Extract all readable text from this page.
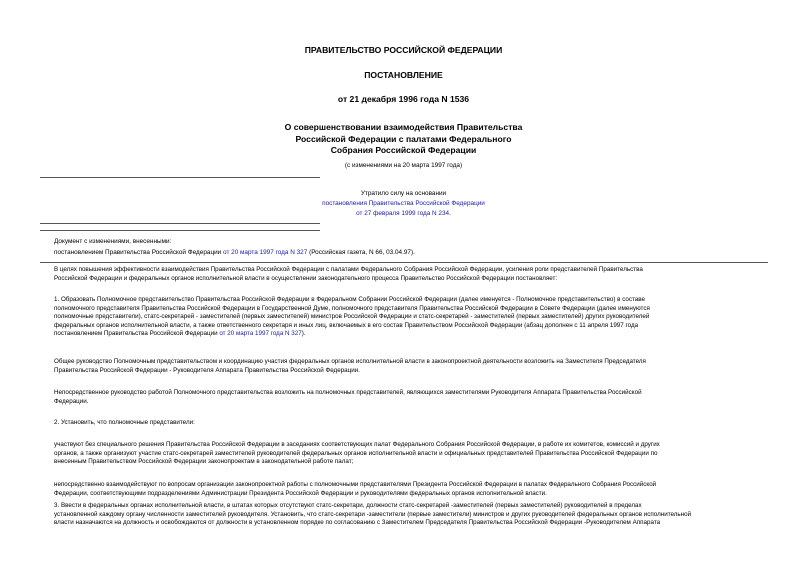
ПРАВИТЕЛЬСТВО РОССИЙСКОЙ ФЕДЕРАЦИИ
ПОСТАНОВЛЕНИЕ
от 21 декабря 1996 года N 1536
О совершенствовании взаимодействия Правительства
Российской Федерации с палатами Федерального
Собрания Российской Федерации
(с изменениями на 20 марта 1997 года)
Утратило силу на основании
постановления Правительства Российской Федерации
от 27 февраля 1999 года N 234.
Документ с изменениями, внесенными:
постановлением Правительства Российской Федерации от 20 марта 1997 года N 327 (Российская газета, N 66, 03.04.97).
В целях повышения эффективности взаимодействия Правительства Российской Федерации с палатами Федерального Собрания Российской Федерации, усиления роли представителей Правительства
Российской Федерации и федеральных органов исполнительной власти в осуществлении законодательного процесса Правительство Российской Федерации постановляет:
1. Образовать Полномочное представительство Правительства Российской Федерации в Федеральном Собрании Российской Федерации (далее именуется - Полномочное представительство) в составе
полномочного представителя Правительства Российской Федерации в Государственной Думе, полномочного представителя Правительства Российской Федерации в Совете Федерации (далее именуются
полномочные представители), статс-секретарей - заместителей (первых заместителей) министров Российской Федерации и статс-секретарей - заместителей (первых заместителей) других руководителей
федеральных органов исполнительной власти, а также ответственного секретаря и иных лиц, включаемых в его состав Правительством Российской Федерации (абзац дополнен с 11 апреля 1997 года
постановлением Правительства Российской Федерации от 20 марта 1997 года N 327).
Общее руководство Полномочным представительством и координацию участия федеральных органов исполнительной власти в законопроектной деятельности возложить на Заместителя Председателя
Правительства Российской Федерации - Руководителя Аппарата Правительства Российской Федерации.
Непосредственное руководство работой Полномочного представительства возложить на полномочных представителей, являющихся заместителями Руководителя Аппарата Правительства Российской
Федерации.
2. Установить, что полномочные представители:
участвуют без специального решения Правительства Российской Федерации в заседаниях соответствующих палат Федерального Собрания Российской Федерации, в работе их комитетов, комиссий и других
органов, а также организуют участие статс-секретарей заместителей руководителей федеральных органов исполнительной власти и официальных представителей Правительства Российской Федерации по
внесенным Правительством Российской Федерации законопроектам в законодательной работе палат;
непосредственно взаимодействуют по вопросам организации законопроектной работы с полномочными представителями Президента Российской Федерации в палатах Федерального Собрания Российской
Федерации, соответствующими подразделениями Администрации Президента Российской Федерации и руководителями федеральных органов исполнительной власти.
3. Ввести в федеральных органах исполнительной власти, в штатах которых отсутствуют статс-секретари, должности статс-секретарей -заместителей (первых заместителей) руководителей в пределах
установленной каждому органу численности заместителей руководителя. Установить, что статс-секретари -заместители (первые заместители) министров и других руководителей федеральных органов исполнительной
власти назначаются на должность и освобождаются от должности в установленном порядке по согласованию с Заместителем Председателя Правительства Российской Федерации -Руководителем Аппарата
